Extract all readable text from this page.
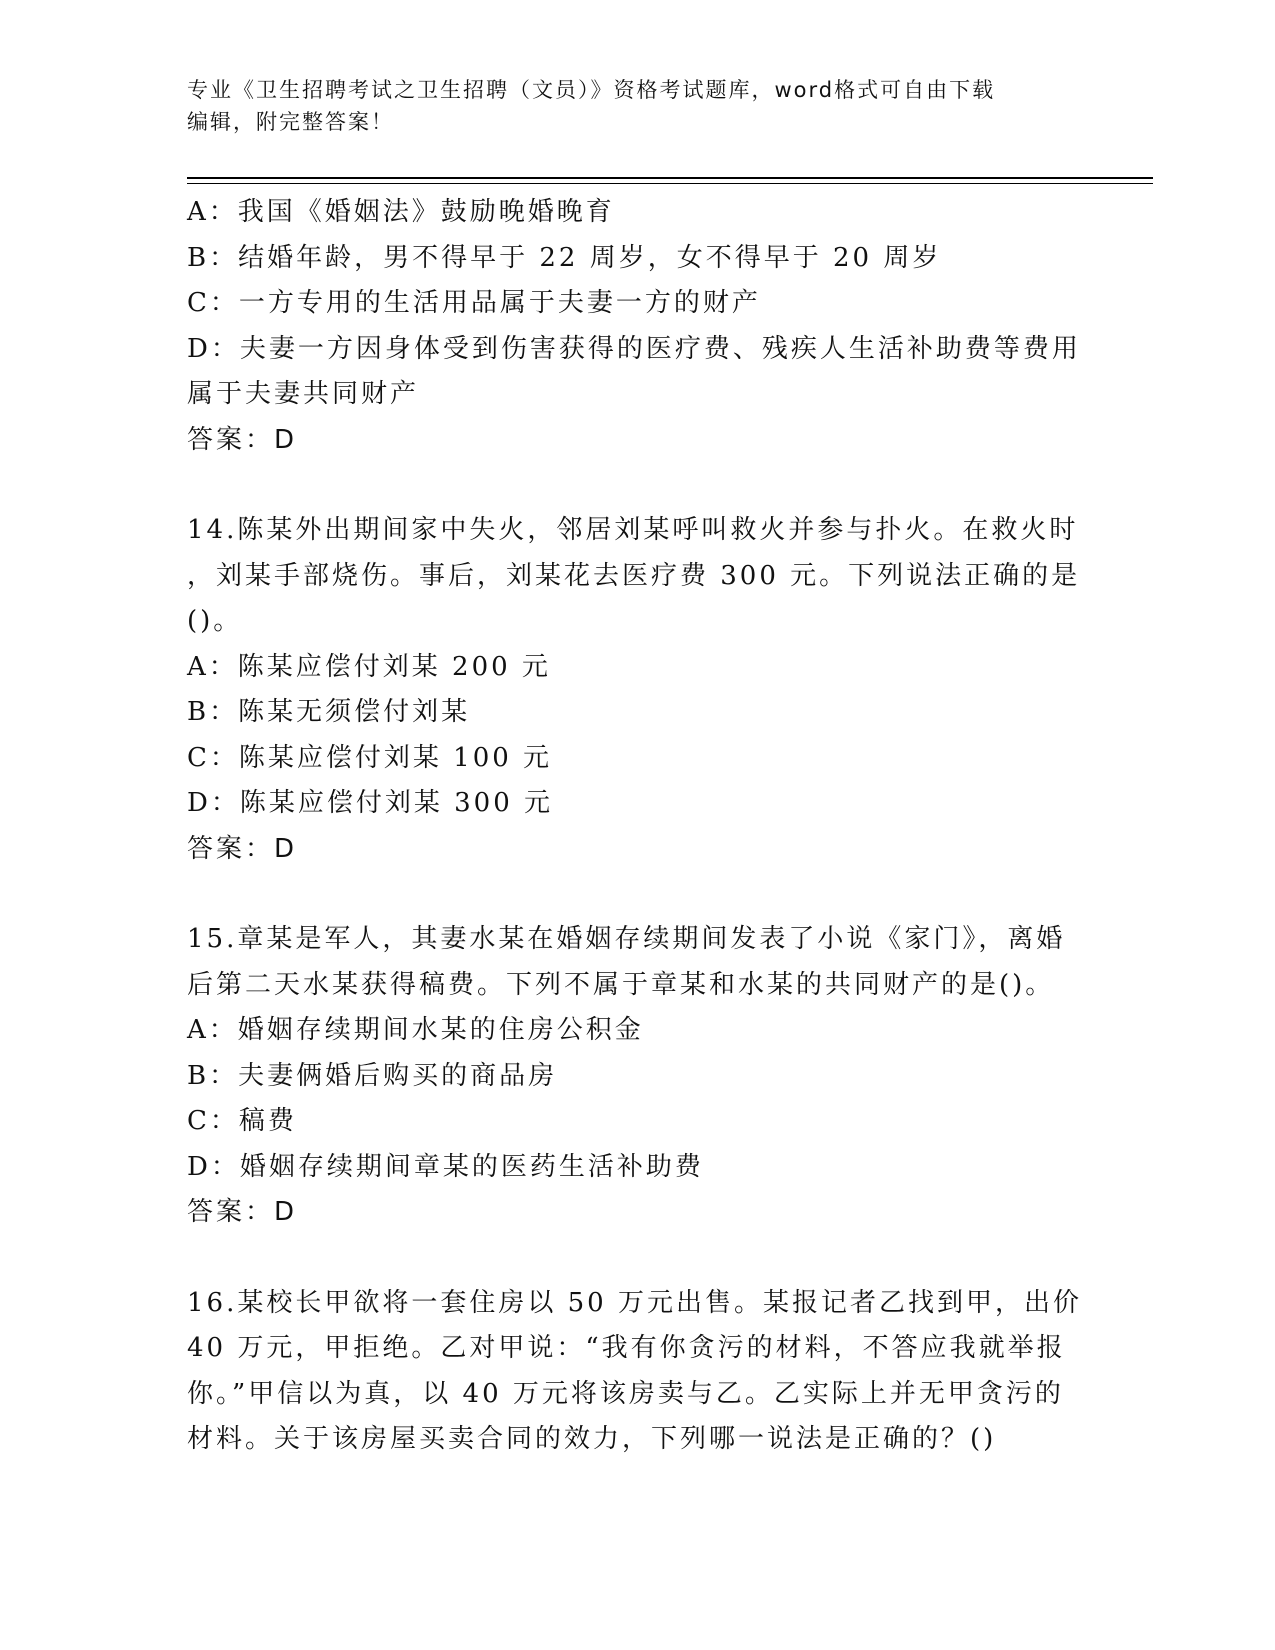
专业《卫生招聘考试之卫生招聘（文员）》资格考试题库，word格式可自由下载
编辑，附完整答案！
A：我国《婚姻法》鼓励晚婚晚育
B：结婚年龄，男不得早于 22 周岁，女不得早于 20 周岁
C：一方专用的生活用品属于夫妻一方的财产
D：夫妻一方因身体受到伤害获得的医疗费、残疾人生活补助费等费用
属于夫妻共同财产
答案：D
14.陈某外出期间家中失火，邻居刘某呼叫救火并参与扑火。在救火时
，刘某手部烧伤。事后，刘某花去医疗费 300 元。下列说法正确的是
()。
A：陈某应偿付刘某 200 元
B：陈某无须偿付刘某
C：陈某应偿付刘某 100 元
D：陈某应偿付刘某 300 元
答案：D
15.章某是军人，其妻水某在婚姻存续期间发表了小说《家门》，离婚
后第二天水某获得稿费。下列不属于章某和水某的共同财产的是()。
A：婚姻存续期间水某的住房公积金
B：夫妻俩婚后购买的商品房
C：稿费
D：婚姻存续期间章某的医药生活补助费
答案：D
16.某校长甲欲将一套住房以 50 万元出售。某报记者乙找到甲，出价
40 万元，甲拒绝。乙对甲说：“我有你贪污的材料，不答应我就举报
你。”甲信以为真，以 40 万元将该房卖与乙。乙实际上并无甲贪污的
材料。关于该房屋买卖合同的效力，下列哪一说法是正确的？()
